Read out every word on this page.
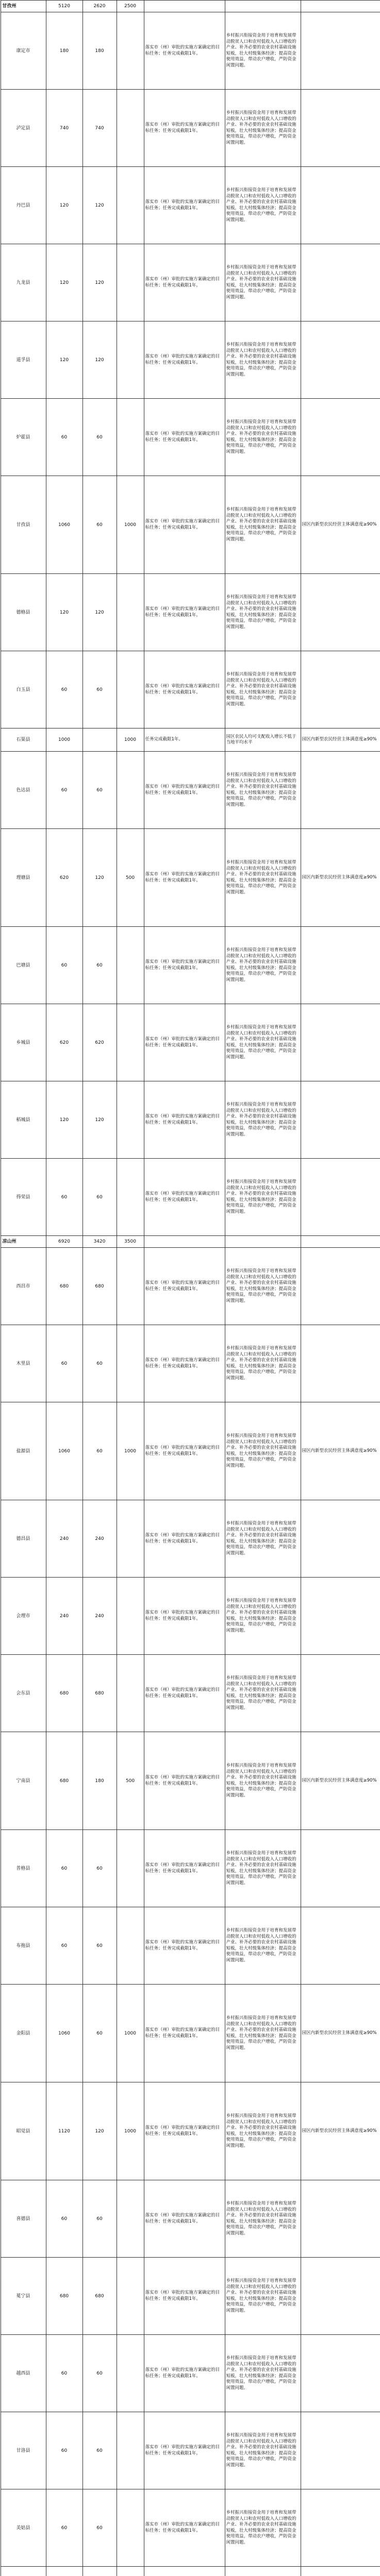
甘孜州	5120	2620	2500			
康定市	180	180		落实市（州）审批的实施方案确定的目标任务；任务完成截限1年。	乡村振兴衔接资金用于培育和发展带动脱贫人口和农村低收入人口增收的产业、补齐必要的农业农村基础设施短板，壮大村级集体经济；提高资金使用效益，带动农户增收，严防资金闲置问题。	
泸定县	740	740		落实市（州）审批的实施方案确定的目标任务；任务完成截限1年。	乡村振兴衔接资金用于培育和发展带动脱贫人口和农村低收入人口增收的产业、补齐必要的农业农村基础设施短板，壮大村级集体经济；提高资金使用效益，带动农户增收，严防资金闲置问题。	
丹巴县	120	120		落实市（州）审批的实施方案确定的目标任务；任务完成截限1年。	乡村振兴衔接资金用于培育和发展带动脱贫人口和农村低收入人口增收的产业、补齐必要的农业农村基础设施短板，壮大村级集体经济；提高资金使用效益，带动农户增收，严防资金闲置问题。	
九龙县	120	120		落实市（州）审批的实施方案确定的目标任务；任务完成截限1年。	乡村振兴衔接资金用于培育和发展带动脱贫人口和农村低收入人口增收的产业、补齐必要的农业农村基础设施短板，壮大村级集体经济；提高资金使用效益，带动农户增收，严防资金闲置问题。	
道孚县	120	120		落实市（州）审批的实施方案确定的目标任务；任务完成截限1年。	乡村振兴衔接资金用于培育和发展带动脱贫人口和农村低收入人口增收的产业、补齐必要的农业农村基础设施短板，壮大村级集体经济；提高资金使用效益，带动农户增收，严防资金闲置问题。	
炉霍县	60	60		落实市（州）审批的实施方案确定的目标任务；任务完成截限1年。	乡村振兴衔接资金用于培育和发展带动脱贫人口和农村低收入人口增收的产业、补齐必要的农业农村基础设施短板，壮大村级集体经济；提高资金使用效益，带动农户增收，严防资金闲置问题。	
甘孜县	1060	60	1000	落实市（州）审批的实施方案确定的目标任务；任务完成截限1年。	乡村振兴衔接资金用于培育和发展带动脱贫人口和农村低收入人口增收的产业、补齐必要的农业农村基础设施短板，壮大村级集体经济；提高资金使用效益，带动农户增收，严防资金闲置问题。	园区内新型农民经营主体满意度≥90%
德格县	120	120		落实市（州）审批的实施方案确定的目标任务；任务完成截限1年。	乡村振兴衔接资金用于培育和发展带动脱贫人口和农村低收入人口增收的产业、补齐必要的农业农村基础设施短板，壮大村级集体经济；提高资金使用效益，带动农户增收，严防资金闲置问题。	
白玉县	60	60		落实市（州）审批的实施方案确定的目标任务；任务完成截限1年。	乡村振兴衔接资金用于培育和发展带动脱贫人口和农村低收入人口增收的产业、补齐必要的农业农村基础设施短板，壮大村级集体经济；提高资金使用效益，带动农户增收，严防资金闲置问题。	
石渠县	1000		1000	任务完成截限1年。	园区农民人均可支配收入增长不低于当地平均水平	园区内新型农民经营主体满意度≥90%
色达县	60	60		落实市（州）审批的实施方案确定的目标任务；任务完成截限1年。	乡村振兴衔接资金用于培育和发展带动脱贫人口和农村低收入人口增收的产业、补齐必要的农业农村基础设施短板，壮大村级集体经济；提高资金使用效益，带动农户增收，严防资金闲置问题。	
理塘县	620	120	500	落实市（州）审批的实施方案确定的目标任务；任务完成截限1年。	乡村振兴衔接资金用于培育和发展带动脱贫人口和农村低收入人口增收的产业、补齐必要的农业农村基础设施短板，壮大村级集体经济；提高资金使用效益，带动农户增收，严防资金闲置问题。	园区内新型农民经营主体满意度≥90%
巴塘县	60	60		落实市（州）审批的实施方案确定的目标任务；任务完成截限1年。	乡村振兴衔接资金用于培育和发展带动脱贫人口和农村低收入人口增收的产业、补齐必要的农业农村基础设施短板，壮大村级集体经济；提高资金使用效益，带动农户增收，严防资金闲置问题。	
乡城县	620	620		落实市（州）审批的实施方案确定的目标任务；任务完成截限1年。	乡村振兴衔接资金用于培育和发展带动脱贫人口和农村低收入人口增收的产业、补齐必要的农业农村基础设施短板，壮大村级集体经济；提高资金使用效益，带动农户增收，严防资金闲置问题。	
稻城县	120	120		落实市（州）审批的实施方案确定的目标任务；任务完成截限1年。	乡村振兴衔接资金用于培育和发展带动脱贫人口和农村低收入人口增收的产业、补齐必要的农业农村基础设施短板，壮大村级集体经济；提高资金使用效益，带动农户增收，严防资金闲置问题。	
得荣县	60	60		落实市（州）审批的实施方案确定的目标任务；任务完成截限1年。	乡村振兴衔接资金用于培育和发展带动脱贫人口和农村低收入人口增收的产业、补齐必要的农业农村基础设施短板，壮大村级集体经济；提高资金使用效益，带动农户增收，严防资金闲置问题。	
凉山州	6920	3420	3500			
西昌市	680	680		落实市（州）审批的实施方案确定的目标任务；任务完成截限1年。	乡村振兴衔接资金用于培育和发展带动脱贫人口和农村低收入人口增收的产业、补齐必要的农业农村基础设施短板，壮大村级集体经济；提高资金使用效益，带动农户增收，严防资金闲置问题。	
木里县	60	60		落实市（州）审批的实施方案确定的目标任务；任务完成截限1年。	乡村振兴衔接资金用于培育和发展带动脱贫人口和农村低收入人口增收的产业、补齐必要的农业农村基础设施短板，壮大村级集体经济；提高资金使用效益，带动农户增收，严防资金闲置问题。	
盐源县	1060	60	1000	落实市（州）审批的实施方案确定的目标任务；任务完成截限1年。	乡村振兴衔接资金用于培育和发展带动脱贫人口和农村低收入人口增收的产业、补齐必要的农业农村基础设施短板，壮大村级集体经济；提高资金使用效益，带动农户增收，严防资金闲置问题。	园区内新型农民经营主体满意度≥90%
德昌县	240	240		落实市（州）审批的实施方案确定的目标任务；任务完成截限1年。	乡村振兴衔接资金用于培育和发展带动脱贫人口和农村低收入人口增收的产业、补齐必要的农业农村基础设施短板，壮大村级集体经济；提高资金使用效益，带动农户增收，严防资金闲置问题。	
会理市	240	240		落实市（州）审批的实施方案确定的目标任务；任务完成截限1年。	乡村振兴衔接资金用于培育和发展带动脱贫人口和农村低收入人口增收的产业、补齐必要的农业农村基础设施短板，壮大村级集体经济；提高资金使用效益，带动农户增收，严防资金闲置问题。	
会东县	680	680		落实市（州）审批的实施方案确定的目标任务；任务完成截限1年。	乡村振兴衔接资金用于培育和发展带动脱贫人口和农村低收入人口增收的产业、补齐必要的农业农村基础设施短板，壮大村级集体经济；提高资金使用效益，带动农户增收，严防资金闲置问题。	
宁南县	680	180	500	落实市（州）审批的实施方案确定的目标任务；任务完成截限1年。	乡村振兴衔接资金用于培育和发展带动脱贫人口和农村低收入人口增收的产业、补齐必要的农业农村基础设施短板，壮大村级集体经济；提高资金使用效益，带动农户增收，严防资金闲置问题。	园区内新型农民经营主体满意度≥90%
普格县	60	60		落实市（州）审批的实施方案确定的目标任务；任务完成截限1年。	乡村振兴衔接资金用于培育和发展带动脱贫人口和农村低收入人口增收的产业、补齐必要的农业农村基础设施短板，壮大村级集体经济；提高资金使用效益，带动农户增收，严防资金闲置问题。	
布拖县	60	60		落实市（州）审批的实施方案确定的目标任务；任务完成截限1年。	乡村振兴衔接资金用于培育和发展带动脱贫人口和农村低收入人口增收的产业、补齐必要的农业农村基础设施短板，壮大村级集体经济；提高资金使用效益，带动农户增收，严防资金闲置问题。	
金阳县	1060	60	1000	落实市（州）审批的实施方案确定的目标任务；任务完成截限1年。	乡村振兴衔接资金用于培育和发展带动脱贫人口和农村低收入人口增收的产业、补齐必要的农业农村基础设施短板，壮大村级集体经济；提高资金使用效益，带动农户增收，严防资金闲置问题。	园区内新型农民经营主体满意度≥90%
昭觉县	1120	120	1000	落实市（州）审批的实施方案确定的目标任务；任务完成截限1年。	乡村振兴衔接资金用于培育和发展带动脱贫人口和农村低收入人口增收的产业、补齐必要的农业农村基础设施短板，壮大村级集体经济；提高资金使用效益，带动农户增收，严防资金闲置问题。	园区内新型农民经营主体满意度≥90%
喜德县	60	60		落实市（州）审批的实施方案确定的目标任务；任务完成截限1年。	乡村振兴衔接资金用于培育和发展带动脱贫人口和农村低收入人口增收的产业、补齐必要的农业农村基础设施短板，壮大村级集体经济；提高资金使用效益，带动农户增收，严防资金闲置问题。	
冕宁县	680	680		落实市（州）审批的实施方案确定的目标任务；任务完成截限1年。	乡村振兴衔接资金用于培育和发展带动脱贫人口和农村低收入人口增收的产业、补齐必要的农业农村基础设施短板，壮大村级集体经济；提高资金使用效益，带动农户增收，严防资金闲置问题。	
越西县	60	60		落实市（州）审批的实施方案确定的目标任务；任务完成截限1年。	乡村振兴衔接资金用于培育和发展带动脱贫人口和农村低收入人口增收的产业、补齐必要的农业农村基础设施短板，壮大村级集体经济；提高资金使用效益，带动农户增收，严防资金闲置问题。	
甘洛县	60	60		落实市（州）审批的实施方案确定的目标任务；任务完成截限1年。	乡村振兴衔接资金用于培育和发展带动脱贫人口和农村低收入人口增收的产业、补齐必要的农业农村基础设施短板，壮大村级集体经济；提高资金使用效益，带动农户增收，严防资金闲置问题。	
美姑县	60	60		落实市（州）审批的实施方案确定的目标任务；任务完成截限1年。	乡村振兴衔接资金用于培育和发展带动脱贫人口和农村低收入人口增收的产业、补齐必要的农业农村基础设施短板，壮大村级集体经济；提高资金使用效益，带动农户增收，严防资金闲置问题。	
